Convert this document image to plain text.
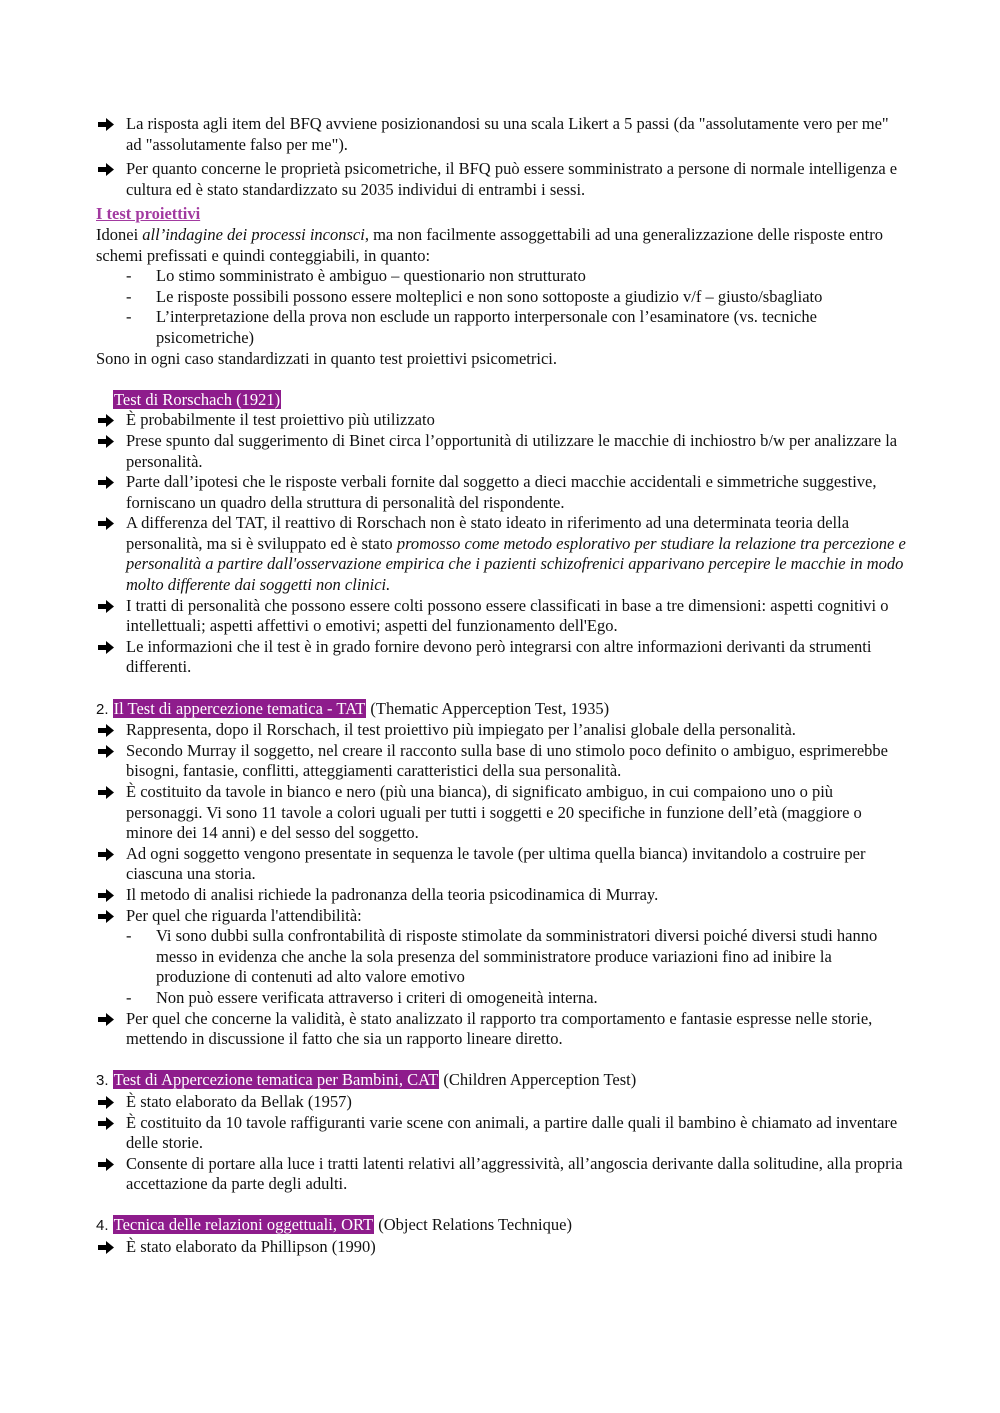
La risposta agli item del BFQ avviene posizionandosi su una scala Likert a 5 passi (da "assolutamente vero per me" ad "assolutamente falso per me").

Per quanto concerne le proprietà psicometriche, il BFQ può essere somministrato a persone di normale intelligenza e cultura ed è stato standardizzato su 2035 individui di entrambi i sessi.

I test proiettivi

Idonei all’indagine dei processi inconsci, ma non facilmente assoggettabili ad una generalizzazione delle risposte entro schemi prefissati e quindi conteggiabili, in quanto:

- Lo stimo somministrato è ambiguo – questionario non strutturato
- Le risposte possibili possono essere molteplici e non sono sottoposte a giudizio v/f – giusto/sbagliato
- L’interpretazione della prova non esclude un rapporto interpersonale con l’esaminatore (vs. tecniche psicometriche)

Sono in ogni caso standardizzati in quanto test proiettivi psicometrici.

Test di Rorschach (1921)

È probabilmente il test proiettivo più utilizzato

Prese spunto dal suggerimento di Binet circa l’opportunità di utilizzare le macchie di inchiostro b/w per analizzare la personalità.

Parte dall’ipotesi che le risposte verbali fornite dal soggetto a dieci macchie accidentali e simmetriche suggestive, forniscano un quadro della struttura di personalità del rispondente.

A differenza del TAT, il reattivo di Rorschach non è stato ideato in riferimento ad una determinata teoria della personalità, ma si è sviluppato ed è stato promosso come metodo esplorativo per studiare la relazione tra percezione e personalità a partire dall'osservazione empirica che i pazienti schizofrenici apparivano percepire le macchie in modo molto differente dai soggetti non clinici.

I tratti di personalità che possono essere colti possono essere classificati in base a tre dimensioni: aspetti cognitivi o intellettuali; aspetti affettivi o emotivi; aspetti del funzionamento dell'Ego.

Le informazioni che il test è in grado fornire devono però integrarsi con altre informazioni derivanti da strumenti differenti.

2. Il Test di appercezione tematica - TAT (Thematic Apperception Test, 1935)

Rappresenta, dopo il Rorschach, il test proiettivo più impiegato per l’analisi globale della personalità.

Secondo Murray il soggetto, nel creare il racconto sulla base di uno stimolo poco definito o ambiguo, esprimerebbe bisogni, fantasie, conflitti, atteggiamenti caratteristici della sua personalità.

È costituito da tavole in bianco e nero (più una bianca), di significato ambiguo, in cui compaiono uno o più personaggi. Vi sono 11 tavole a colori uguali per tutti i soggetti e 20 specifiche in funzione dell’età (maggiore o minore dei 14 anni) e del sesso del soggetto.

Ad ogni soggetto vengono presentate in sequenza le tavole (per ultima quella bianca) invitandolo a costruire per ciascuna una storia.

Il metodo di analisi richiede la padronanza della teoria psicodinamica di Murray.

Per quel che riguarda l'attendibilità:

- Vi sono dubbi sulla confrontabilità di risposte stimolate da somministratori diversi poiché diversi studi hanno messo in evidenza che anche la sola presenza del somministratore produce variazioni fino ad inibire la produzione di contenuti ad alto valore emotivo
- Non può essere verificata attraverso i criteri di omogeneità interna.

Per quel che concerne la validità, è stato analizzato il rapporto tra comportamento e fantasie espresse nelle storie, mettendo in discussione il fatto che sia un rapporto lineare diretto.

3. Test di Appercezione tematica per Bambini, CAT (Children Apperception Test)

È stato elaborato da Bellak (1957)

È costituito da 10 tavole raffiguranti varie scene con animali, a partire dalle quali il bambino è chiamato ad inventare delle storie.

Consente di portare alla luce i tratti latenti relativi all’aggressività, all’angoscia derivante dalla solitudine, alla propria accettazione da parte degli adulti.

4. Tecnica delle relazioni oggettuali, ORT (Object Relations Technique)

È stato elaborato da Phillipson (1990)
